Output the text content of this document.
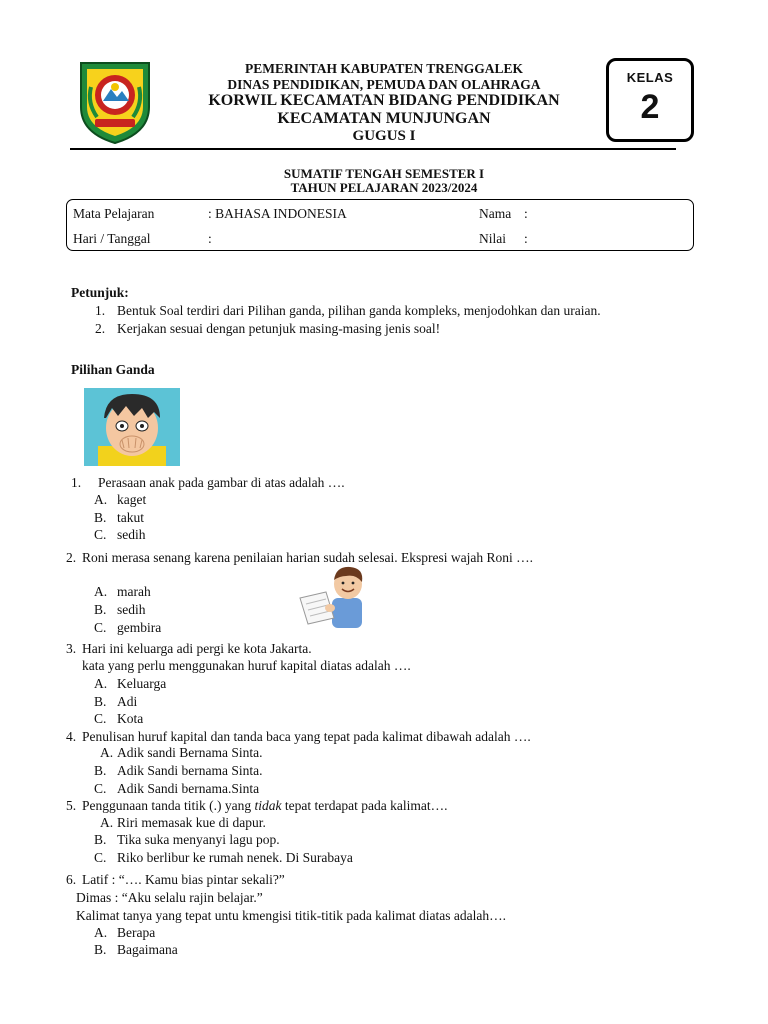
PEMERINTAH KABUPATEN TRENGGALEK
DINAS PENDIDIKAN, PEMUDA DAN OLAHRAGA
KORWIL KECAMATAN BIDANG PENDIDIKAN
KECAMATAN MUNJUNGAN
GUGUS I
KELAS
2
SUMATIF TENGAH SEMESTER I
TAHUN PELAJARAN 2023/2024
Mata Pelajaran	: BAHASA INDONESIA	Nama :
Hari / Tanggal	:	Nilai :
Petunjuk:
1. Bentuk Soal terdiri dari Pilihan ganda, pilihan ganda kompleks, menjodohkan dan uraian.
2. Kerjakan sesuai dengan petunjuk masing-masing jenis soal!
Pilihan Ganda
1. Perasaan anak pada gambar di atas adalah ….
A. kaget
B. takut
C. sedih
2. Roni merasa senang karena penilaian harian sudah selesai. Ekspresi wajah Roni ….
A. marah
B. sedih
C. gembira
3. Hari ini keluarga adi pergi ke kota Jakarta.
kata yang perlu menggunakan huruf kapital diatas adalah ….
A. Keluarga
B. Adi
C. Kota
4. Penulisan huruf kapital dan tanda baca yang tepat pada kalimat dibawah adalah ….
A. Adik sandi Bernama Sinta.
B. Adik Sandi bernama Sinta.
C. Adik Sandi bernama.Sinta
5. Penggunaan tanda titik (.) yang tidak tepat terdapat pada kalimat….
A. Riri memasak kue di dapur.
B. Tika suka menyanyi lagu pop.
C. Riko berlibur ke rumah nenek. Di Surabaya
6. Latif : “…. Kamu bias pintar sekali?”
Dimas : “Aku selalu rajin belajar.”
Kalimat tanya yang tepat untu kmengisi titik-titik pada kalimat diatas adalah….
A. Berapa
B. Bagaimana
